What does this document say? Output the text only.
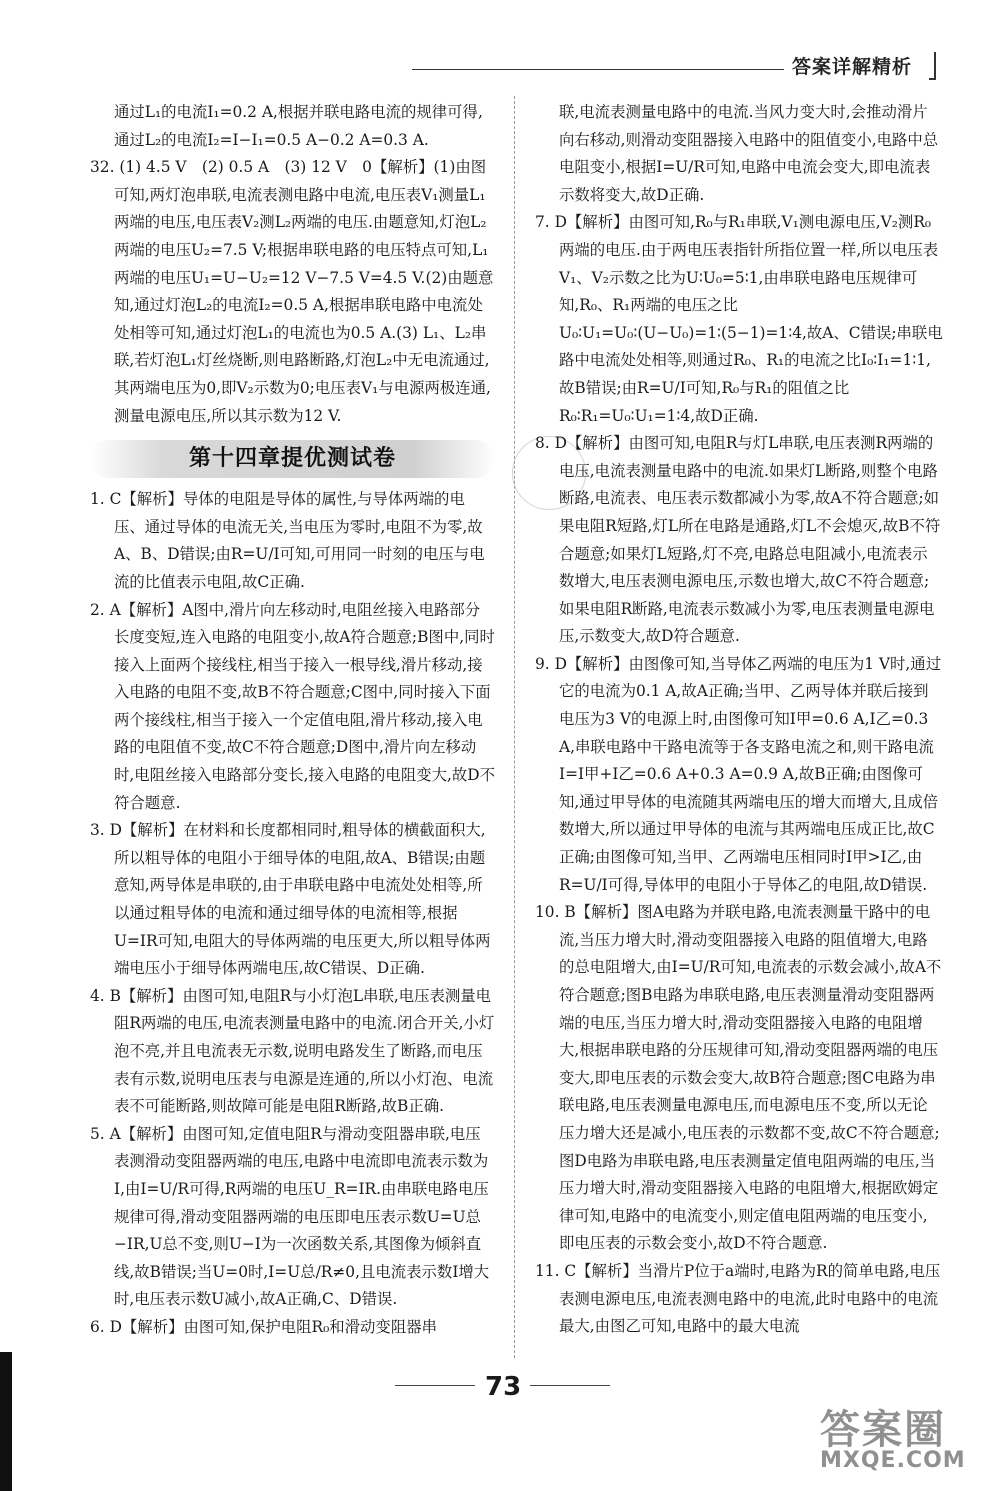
答案详解精析

通过L₁的电流I₁=0.2 A,根据并联电路电流的规律可得,通过L₂的电流I₂=I−I₁=0.5 A−0.2 A=0.3 A.

32. (1) 4.5 V　(2) 0.5 A　(3) 12 V　0【解析】(1)由图可知,两灯泡串联,电流表测电路中电流,电压表V₁测量L₁两端的电压,电压表V₂测L₂两端的电压.由题意知,灯泡L₂两端的电压U₂=7.5 V;根据串联电路的电压特点可知,L₁两端的电压U₁=U−U₂=12 V−7.5 V=4.5 V.(2)由题意知,通过灯泡L₂的电流I₂=0.5 A,根据串联电路中电流处处相等可知,通过灯泡L₁的电流也为0.5 A.(3) L₁、L₂串联,若灯泡L₁灯丝烧断,则电路断路,灯泡L₂中无电流通过,其两端电压为0,即V₂示数为0;电压表V₁与电源两极连通,测量电源电压,所以其示数为12 V.

第十四章提优测试卷

1. C【解析】导体的电阻是导体的属性,与导体两端的电压、通过导体的电流无关,当电压为零时,电阻不为零,故A、B、D错误;由R=U/I可知,可用同一时刻的电压与电流的比值表示电阻,故C正确.

2. A【解析】A图中,滑片向左移动时,电阻丝接入电路部分长度变短,连入电路的电阻变小,故A符合题意;B图中,同时接入上面两个接线柱,相当于接入一根导线,滑片移动,接入电路的电阻不变,故B不符合题意;C图中,同时接入下面两个接线柱,相当于接入一个定值电阻,滑片移动,接入电路的电阻值不变,故C不符合题意;D图中,滑片向左移动时,电阻丝接入电路部分变长,接入电路的电阻变大,故D不符合题意.

3. D【解析】在材料和长度都相同时,粗导体的横截面积大,所以粗导体的电阻小于细导体的电阻,故A、B错误;由题意知,两导体是串联的,由于串联电路中电流处处相等,所以通过粗导体的电流和通过细导体的电流相等,根据U=IR可知,电阻大的导体两端的电压更大,所以粗导体两端电压小于细导体两端电压,故C错误、D正确.

4. B【解析】由图可知,电阻R与小灯泡L串联,电压表测量电阻R两端的电压,电流表测量电路中的电流.闭合开关,小灯泡不亮,并且电流表无示数,说明电路发生了断路,而电压表有示数,说明电压表与电源是连通的,所以小灯泡、电流表不可能断路,则故障可能是电阻R断路,故B正确.

5. A【解析】由图可知,定值电阻R与滑动变阻器串联,电压表测滑动变阻器两端的电压,电路中电流即电流表示数为I,由I=U/R可得,R两端的电压U_R=IR.由串联电路电压规律可得,滑动变阻器两端的电压即电压表示数U=U总−IR,U总不变,则U−I为一次函数关系,其图像为倾斜直线,故B错误;当U=0时,I=U总/R≠0,且电流表示数I增大时,电压表示数U减小,故A正确,C、D错误.

6. D【解析】由图可知,保护电阻R₀和滑动变阻器串

联,电流表测量电路中的电流.当风力变大时,会推动滑片向右移动,则滑动变阻器接入电路中的阻值变小,电路中总电阻变小,根据I=U/R可知,电路中电流会变大,即电流表示数将变大,故D正确.

7. D【解析】由图可知,R₀与R₁串联,V₁测电源电压,V₂测R₀两端的电压.由于两电压表指针所指位置一样,所以电压表V₁、V₂示数之比为U∶U₀=5∶1,由串联电路电压规律可知,R₀、R₁两端的电压之比U₀∶U₁=U₀∶(U−U₀)=1∶(5−1)=1∶4,故A、C错误;串联电路中电流处处相等,则通过R₀、R₁的电流之比I₀∶I₁=1∶1,故B错误;由R=U/I可知,R₀与R₁的阻值之比R₀∶R₁=U₀∶U₁=1∶4,故D正确.

8. D【解析】由图可知,电阻R与灯L串联,电压表测R两端的电压,电流表测量电路中的电流.如果灯L断路,则整个电路断路,电流表、电压表示数都减小为零,故A不符合题意;如果电阻R短路,灯L所在电路是通路,灯L不会熄灭,故B不符合题意;如果灯L短路,灯不亮,电路总电阻减小,电流表示数增大,电压表测电源电压,示数也增大,故C不符合题意;如果电阻R断路,电流表示数减小为零,电压表测量电源电压,示数变大,故D符合题意.

9. D【解析】由图像可知,当导体乙两端的电压为1 V时,通过它的电流为0.1 A,故A正确;当甲、乙两导体并联后接到电压为3 V的电源上时,由图像可知I甲=0.6 A,I乙=0.3 A,串联电路中干路电流等于各支路电流之和,则干路电流I=I甲+I乙=0.6 A+0.3 A=0.9 A,故B正确;由图像可知,通过甲导体的电流随其两端电压的增大而增大,且成倍数增大,所以通过甲导体的电流与其两端电压成正比,故C正确;由图像可知,当甲、乙两端电压相同时I甲>I乙,由R=U/I可得,导体甲的电阻小于导体乙的电阻,故D错误.

10. B【解析】图A电路为并联电路,电流表测量干路中的电流,当压力增大时,滑动变阻器接入电路的阻值增大,电路的总电阻增大,由I=U/R可知,电流表的示数会减小,故A不符合题意;图B电路为串联电路,电压表测量滑动变阻器两端的电压,当压力增大时,滑动变阻器接入电路的电阻增大,根据串联电路的分压规律可知,滑动变阻器两端的电压变大,即电压表的示数会变大,故B符合题意;图C电路为串联电路,电压表测量电源电压,而电源电压不变,所以无论压力增大还是减小,电压表的示数都不变,故C不符合题意;图D电路为串联电路,电压表测量定值电阻两端的电压,当压力增大时,滑动变阻器接入电路的电阻增大,根据欧姆定律可知,电路中的电流变小,则定值电阻两端的电压变小,即电压表的示数会变小,故D不符合题意.

11. C【解析】当滑片P位于a端时,电路为R的简单电路,电压表测电源电压,电流表测电路中的电流,此时电路中的电流最大,由图乙可知,电路中的最大电流

73
答案圈
MXQE.COM
